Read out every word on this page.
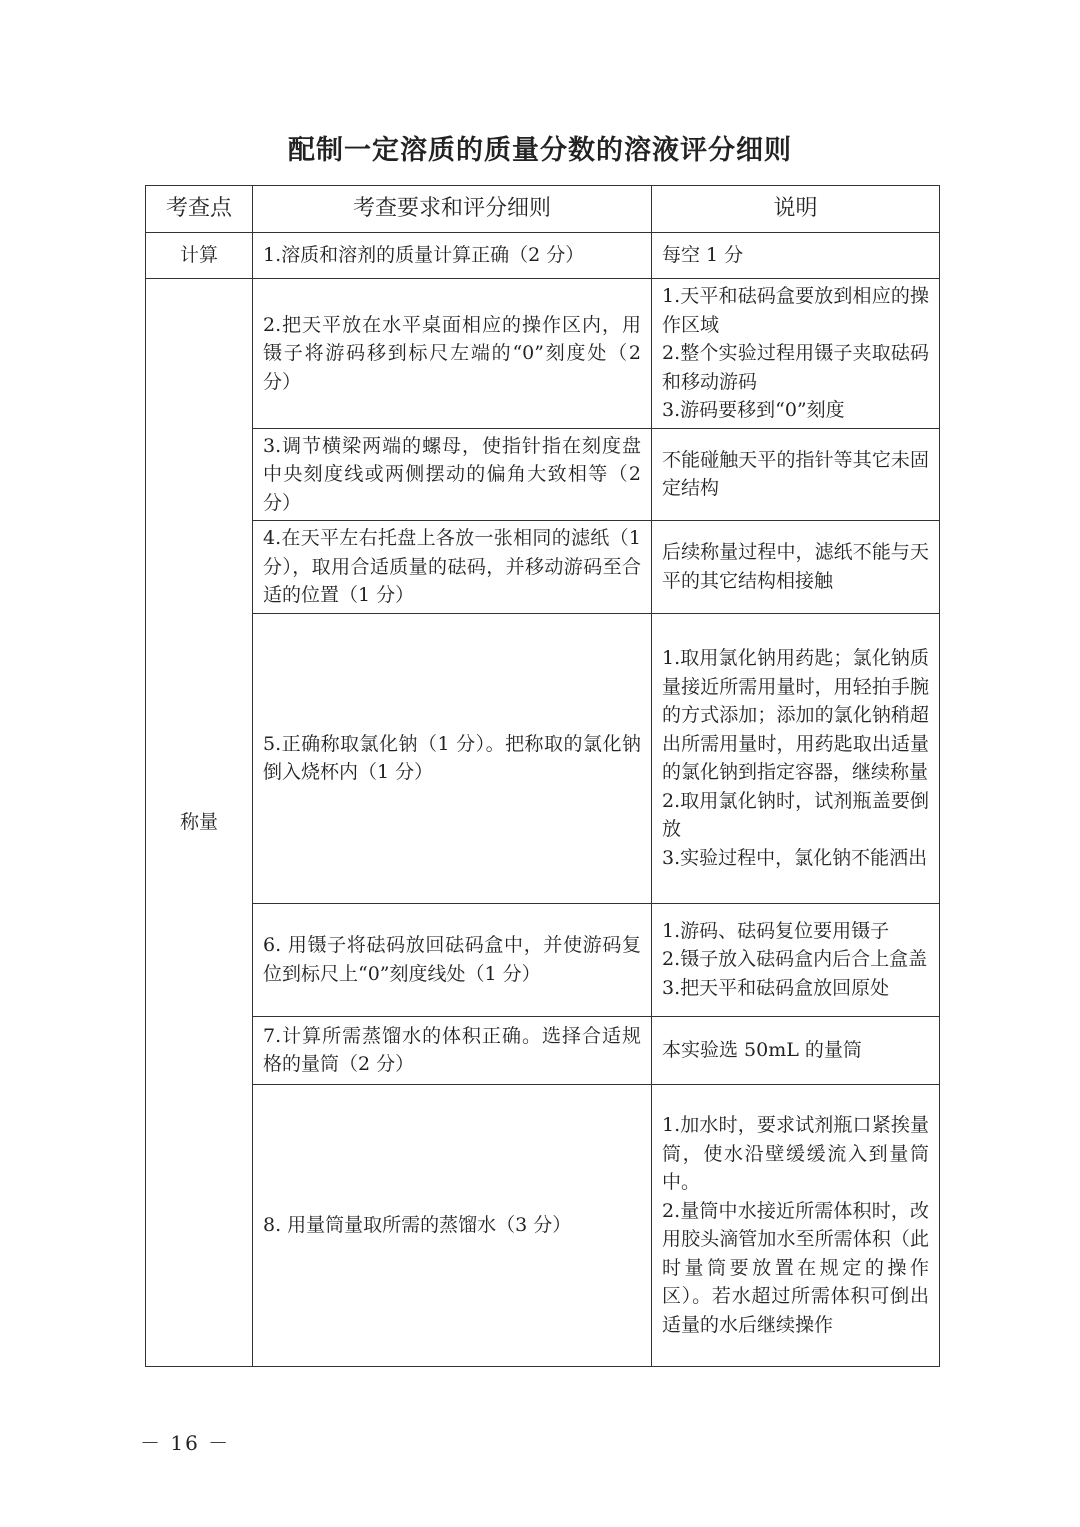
配制一定溶质的质量分数的溶液评分细则
考查点	考查要求和评分细则	说明
计算	1.溶质和溶剂的质量计算正确（2 分）	每空 1 分
称量	2.把天平放在水平桌面相应的操作区内，用镊子将游码移到标尺左端的“0”刻度处（2 分）	1.天平和砝码盒要放到相应的操作区域
2.整个实验过程用镊子夹取砝码和移动游码
3.游码要移到“0”刻度

	3.调节横梁两端的螺母，使指针指在刻度盘中央刻度线或两侧摆动的偏角大致相等（2 分）	不能碰触天平的指针等其它未固定结构

	4.在天平左右托盘上各放一张相同的滤纸（1 分），取用合适质量的砝码，并移动游码至合适的位置（1 分）	后续称量过程中，滤纸不能与天平的其它结构相接触

	5.正确称取氯化钠（1 分）。把称取的氯化钠倒入烧杯内（1 分）	1.取用氯化钠用药匙；氯化钠质量接近所需用量时，用轻拍手腕的方式添加；添加的氯化钠稍超出所需用量时，用药匙取出适量的氯化钠到指定容器，继续称量
2.取用氯化钠时，试剂瓶盖要倒放
3.实验过程中，氯化钠不能洒出

	6. 用镊子将砝码放回砝码盒中，并使游码复位到标尺上“0”刻度线处（1 分）	1.游码、砝码复位要用镊子
2.镊子放入砝码盒内后合上盒盖
3.把天平和砝码盒放回原处

	7.计算所需蒸馏水的体积正确。选择合适规格的量筒（2 分）	本实验选 50mL 的量筒

	8. 用量筒量取所需的蒸馏水（3 分）	1.加水时，要求试剂瓶口紧挨量筒，使水沿壁缓缓流入到量筒中。
2.量筒中水接近所需体积时，改用胶头滴管加水至所需体积（此时量筒要放置在规定的操作区）。若水超过所需体积可倒出适量的水后继续操作
－ 16 －
